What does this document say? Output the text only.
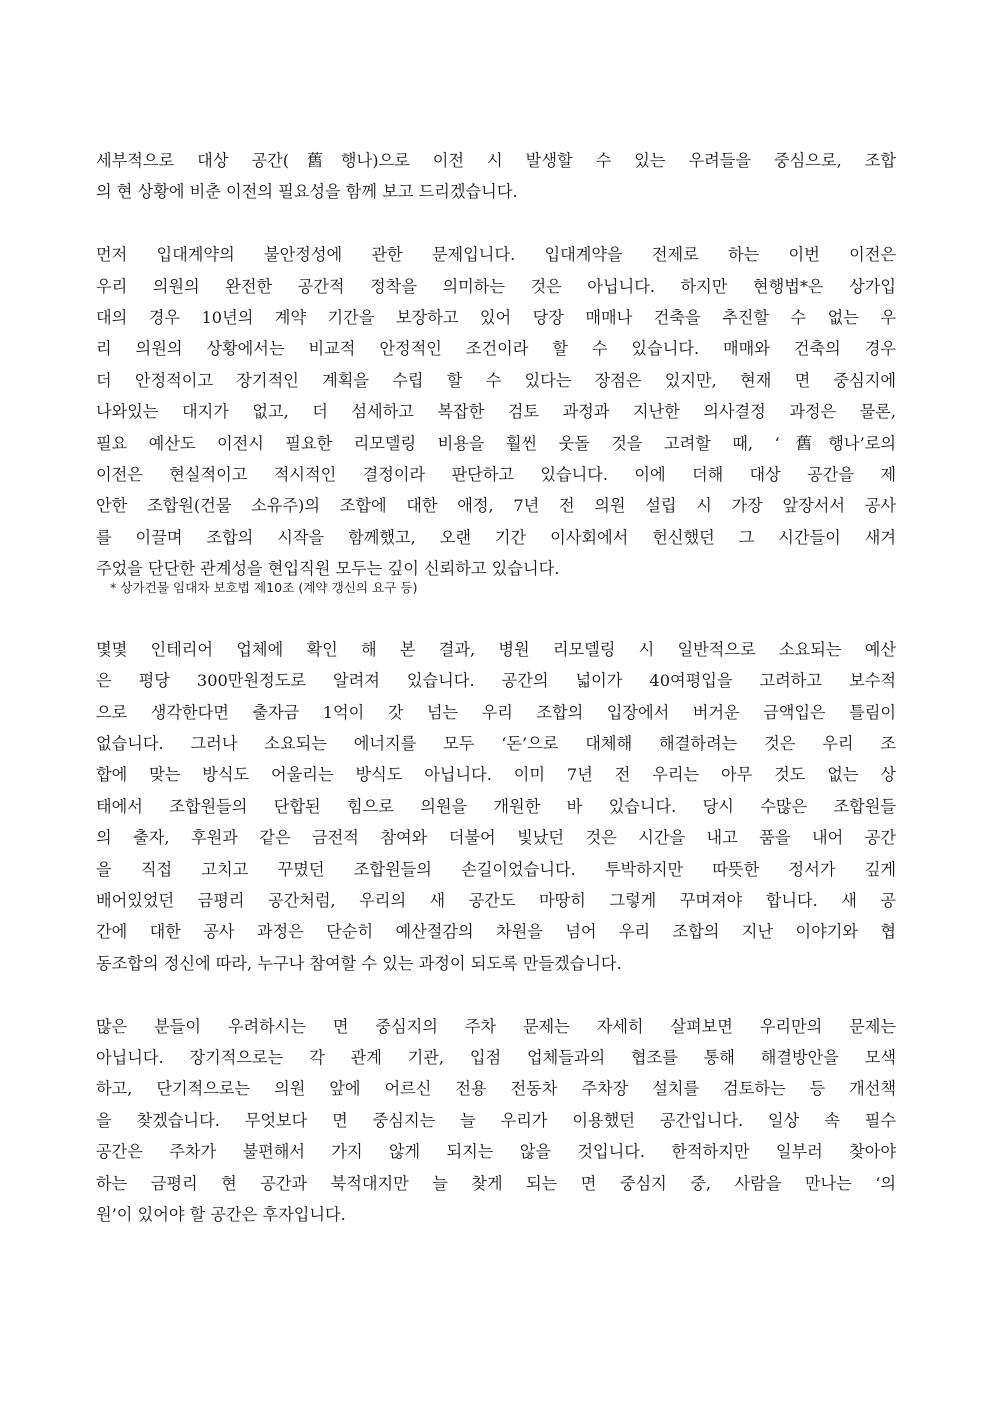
세부적으로 대상 공간(舊행나)으로 이전 시 발생할 수 있는 우려들을 중심으로, 조합
의 현 상황에 비춘 이전의 필요성을 함께 보고 드리겠습니다.
먼저 입대계약의 불안정성에 관한 문제입니다. 입대계약을 전제로 하는 이번 이전은
우리 의원의 완전한 공간적 정착을 의미하는 것은 아닙니다. 하지만 현행법*은 상가입
대의 경우 10년의 계약 기간을 보장하고 있어 당장 매매나 건축을 추진할 수 없는 우
리 의원의 상황에서는 비교적 안정적인 조건이라 할 수 있습니다. 매매와 건축의 경우
더 안정적이고 장기적인 계획을 수립 할 수 있다는 장점은 있지만, 현재 면 중심지에
나와있는 대지가 없고, 더 섬세하고 복잡한 검토 과정과 지난한 의사결정 과정은 물론,
필요 예산도 이전시 필요한 리모델링 비용을 훨씬 웃돌 것을 고려할 때, ‘舊행나’로의
이전은 현실적이고 적시적인 결정이라 판단하고 있습니다. 이에 더해 대상 공간을 제
안한 조합원(건물 소유주)의 조합에 대한 애정, 7년 전 의원 설립 시 가장 앞장서서 공사
를 이끌며 조합의 시작을 함께했고, 오랜 기간 이사회에서 헌신했던 그 시간들이 새겨
주었을 단단한 관계성을 현입직원 모두는 깊이 신뢰하고 있습니다.
* 상가건물 임대차 보호법 제10조 (계약 갱신의 요구 등)
몇몇 인테리어 업체에 확인 해 본 결과, 병원 리모델링 시 일반적으로 소요되는 예산
은 평당 300만원정도로 알려져 있습니다. 공간의 넓이가 40여평입을 고려하고 보수적
으로 생각한다면 출자금 1억이 갓 넘는 우리 조합의 입장에서 버거운 금액입은 틀림이
없습니다. 그러나 소요되는 에너지를 모두 ‘돈’으로 대체해 해결하려는 것은 우리 조
합에 맞는 방식도 어울리는 방식도 아닙니다. 이미 7년 전 우리는 아무 것도 없는 상
태에서 조합원들의 단합된 힘으로 의원을 개원한 바 있습니다. 당시 수많은 조합원들
의 출자, 후원과 같은 금전적 참여와 더불어 빛났던 것은 시간을 내고 품을 내어 공간
을 직접 고치고 꾸몄던 조합원들의 손길이었습니다. 투박하지만 따뜻한 정서가 깊게
배어있었던 금평리 공간처럼, 우리의 새 공간도 마땅히 그렇게 꾸며져야 합니다. 새 공
간에 대한 공사 과정은 단순히 예산절감의 차원을 넘어 우리 조합의 지난 이야기와 협
동조합의 정신에 따라, 누구나 참여할 수 있는 과정이 되도록 만들겠습니다.
많은 분들이 우려하시는 면 중심지의 주차 문제는 자세히 살펴보면 우리만의 문제는
아닙니다. 장기적으로는 각 관계 기관, 입점 업체들과의 협조를 통해 해결방안을 모색
하고, 단기적으로는 의원 앞에 어르신 전용 전동차 주차장 설치를 검토하는 등 개선책
을 찾겠습니다. 무엇보다 면 중심지는 늘 우리가 이용했던 공간입니다. 일상 속 필수
공간은 주차가 불편해서 가지 않게 되지는 않을 것입니다. 한적하지만 일부러 찾아야
하는 금평리 현 공간과 북적대지만 늘 찾게 되는 면 중심지 중, 사람을 만나는 ‘의
원’이 있어야 할 공간은 후자입니다.
